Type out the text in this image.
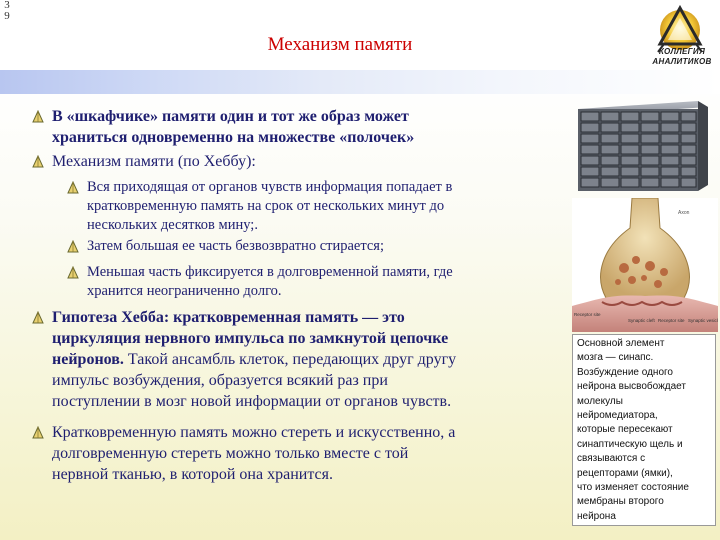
3
9
Механизм памяти	КОЛЛЕГИЯ
АНАЛИТИКОВ
В «шкафчике» памяти один и тот же образ может
храниться одновременно на множестве «полочек»
Механизм памяти (по Хеббу):
Вся приходящая от органов чувств информация попадает в
кратковременную память на срок от нескольких минут до
нескольких десятков мину;.
Затем большая ее часть безвозвратно стирается;
Меньшая часть фиксируется в долговременной памяти, где
хранится неограниченно долго.
Гипотеза Хебба: кратковременная память — это
циркуляция нервного импульса по замкнутой цепочке
нейронов. Такой ансамбль клеток, передающих друг другу
импульс возбуждения, образуется всякий раз при
поступлении в мозг новой информации от органов чувств.
Кратковременную память можно стереть и искусственно, а
долговременную стереть можно только вместе с той
нервной тканью, в которой она хранится.
Axon
Receptor site
Synaptic cleft Receptor site Synaptic vesicle
Основной элемент
мозга — синапс.
Возбуждение одного
нейрона высвобождает
молекулы
нейромедиатора,
которые пересекают
синаптическую щель и
связываются с
рецепторами (ямки),
что изменяет состояние
мембраны второго
нейрона
